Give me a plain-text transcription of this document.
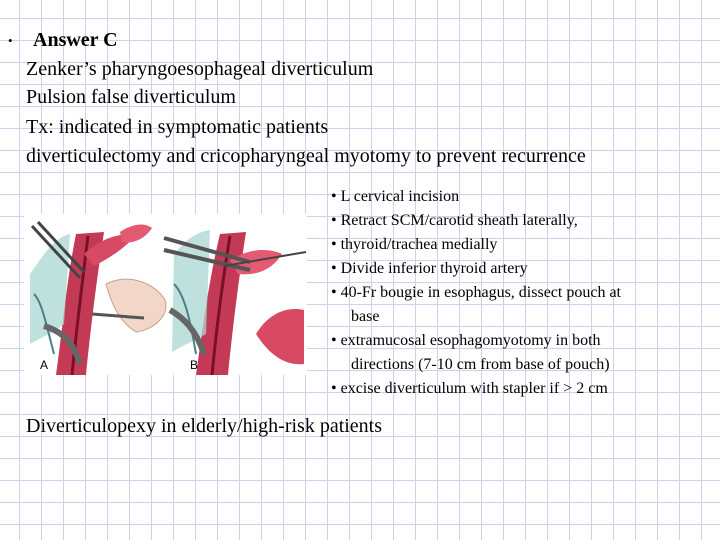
• Answer C
Zenker’s pharyngoesophageal diverticulum
Pulsion false diverticulum
Tx: indicated in symptomatic patients
diverticulectomy and cricopharyngeal myotomy to prevent recurrence
A	B
• L cervical incision
• Retract SCM/carotid sheath laterally,
• thyroid/trachea medially
• Divide inferior thyroid artery
• 40-Fr bougie in esophagus, dissect pouch at
base
• extramucosal esophagomyotomy in both
directions (7-10 cm from base of pouch)
• excise diverticulum with stapler if > 2 cm
Diverticulopexy in elderly/high-risk patients
